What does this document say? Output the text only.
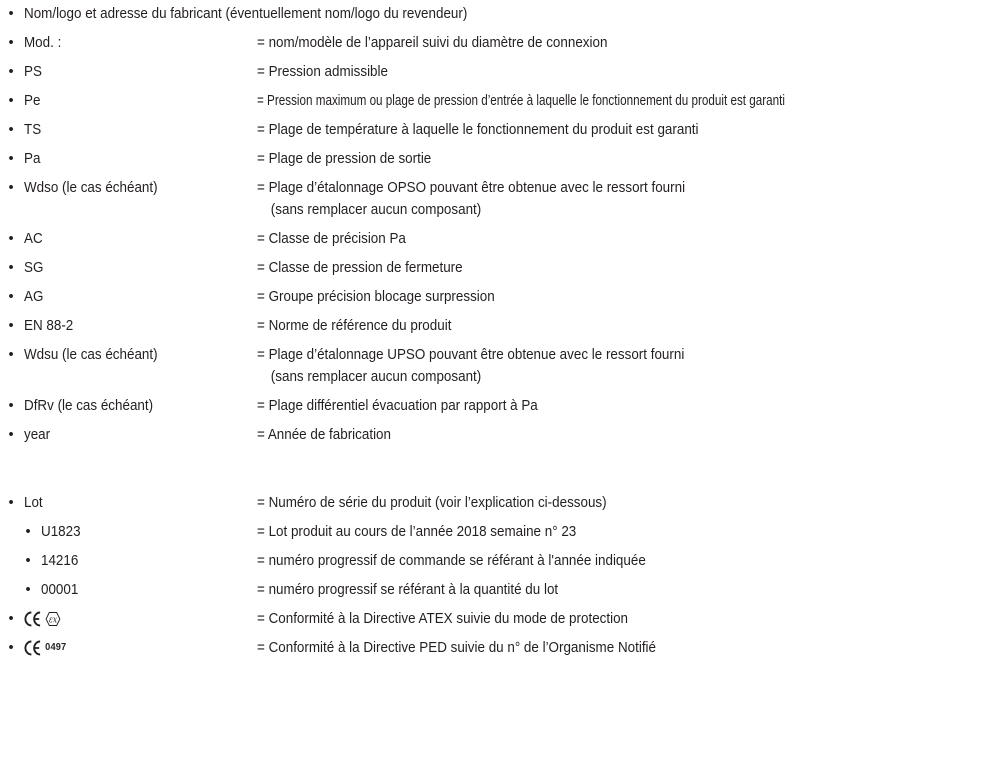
• Nom/logo et adresse du fabricant (éventuellement nom/logo du revendeur)
• Mod. :	= nom/modèle de l’appareil suivi du diamètre de connexion
• PS	= Pression admissible
• Pe	= Pression maximum ou plage de pression d’entrée à laquelle le fonctionnement du produit est garanti
• TS	= Plage de température à laquelle le fonctionnement du produit est garanti
• Pa	= Plage de pression de sortie
• Wdso (le cas échéant)	= Plage d’étalonnage OPSO pouvant être obtenue avec le ressort fourni
(sans remplacer aucun composant)
• AC	= Classe de précision Pa
• SG	= Classe de pression de fermeture
• AG	= Groupe précision blocage surpression
• EN 88-2	= Norme de référence du produit
• Wdsu (le cas échéant)	= Plage d’étalonnage UPSO pouvant être obtenue avec le ressort fourni
(sans remplacer aucun composant)
• DfRv (le cas échéant)	= Plage différentiel évacuation par rapport à Pa
• year	= Année de fabrication
• Lot	= Numéro de série du produit (voir l’explication ci-dessous)
• U1823	= Lot produit au cours de l’année 2018 semaine n° 23
• 14216	= numéro progressif de commande se référant à l'année indiquée
• 00001	= numéro progressif se référant à la quantité du lot
•	εx	= Conformité à la Directive ATEX suivie du mode de protection
•	0497	= Conformité à la Directive PED suivie du n° de l’Organisme Notifié
